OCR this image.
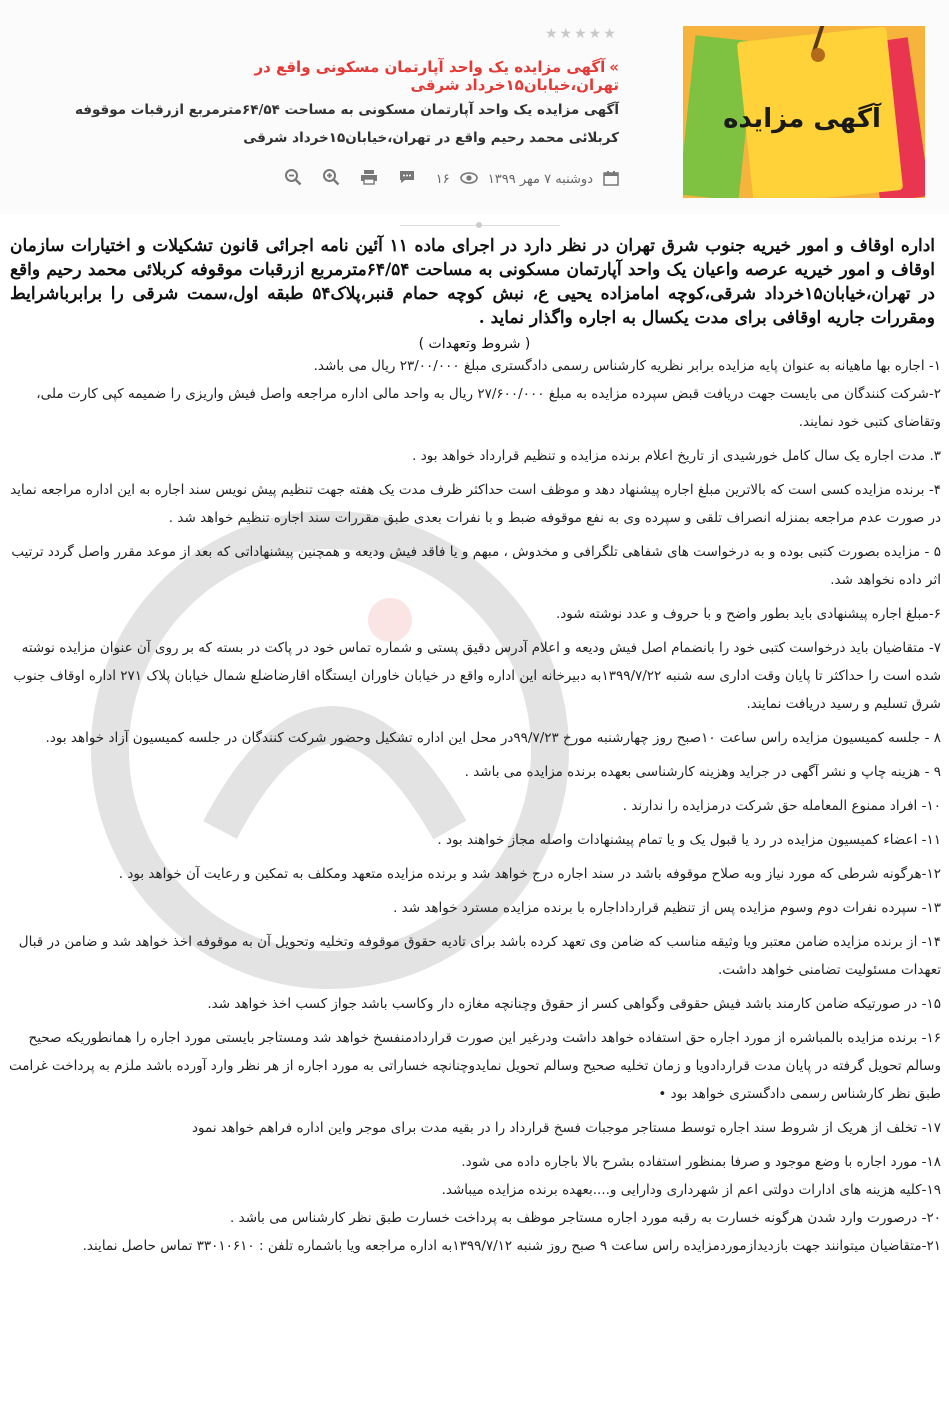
آگهی مزایده
★★★★★
»آگهی مزایده یک واحد آپارتمان مسکونی واقع در تهران،خیابان۱۵خرداد شرقی
آگهی مزایده یک واحد آپارتمان مسکونی به مساحت ۶۴/۵۴مترمربع ازرقبات موقوفه کربلائی محمد رحیم واقع در تهران،خیابان۱۵خرداد شرقی
دوشنبه ۷ مهر ۱۳۹۹
۱۶
اداره اوقاف و امور خیریه جنوب شرق تهران در نظر دارد در اجرای ماده ۱۱ آئین نامه اجرائی قانون تشکیلات و اختیارات سازمان اوقاف و امور خیریه عرصه واعیان یک واحد آپارتمان مسکونی به مساحت ۶۴/۵۴مترمربع ازرقبات موقوفه کربلائی محمد رحیم واقع در تهران،خیابان۱۵خرداد شرقی،کوچه امامزاده یحیی ع، نبش کوچه حمام قنبر،پلاک۵۴ طبقه اول،سمت شرقی را برابرباشرایط ومقررات جاریه اوقافی برای مدت یکسال به اجاره واگذار نماید .
( شروط وتعهدات )
۱- اجاره بها ماهیانه به عنوان پایه مزایده برابر نظریه کارشناس رسمی دادگستری مبلغ ۲۳/۰۰/۰۰۰ ریال می باشد.
۲-شرکت کنندگان می بایست جهت دریافت قبض سپرده مزایده به مبلغ ۲۷/۶۰۰/۰۰۰ ریال به واحد مالی اداره مراجعه واصل فیش واریزی را ضمیمه کپی کارت ملی، وتقاضای کتبی خود نمایند.
۳. مدت اجاره یک سال کامل خورشیدی از تاریخ اعلام برنده مزایده و تنظیم قرارداد خواهد بود .
۴- برنده مزایده کسی است که بالاترین مبلغ اجاره پیشنهاد دهد و موظف است حداکثر ظرف مدت یک هفته جهت تنظیم پیش نویس سند اجاره به این اداره مراجعه نماید در صورت عدم مراجعه بمنزله انصراف تلقی و سپرده وی به نفع موقوفه ضبط و با نفرات بعدی طبق مقررات سند اجاره تنظیم خواهد شد .
۵ - مزایده بصورت کتبی بوده و به درخواست های شفاهی تلگرافی و مخدوش ، مبهم و یا فاقد فیش ودیعه و همچنین پیشنهاداتی که بعد از موعد مقرر واصل گردد ترتیب اثر داده نخواهد شد.
۶-مبلغ اجاره پیشنهادی باید بطور واضح و با حروف و عدد نوشته شود.
۷- متقاضیان باید درخواست کتبی خود را بانضمام اصل فیش ودیعه و اعلام آدرس دقیق پستی و شماره تماس خود در پاکت در بسته که بر روی آن عنوان مزایده نوشته شده است را حداکثر تا پایان وقت اداری سه شنبه ۱۳۹۹/۷/۲۲به دبیرخانه این اداره واقع در خیابان خاوران ایستگاه اقارضاضلع شمال خیابان پلاک ۲۷۱ اداره اوقاف جنوب شرق تسلیم و رسید دریافت نمایند.
۸ - جلسه کمیسیون مزایده راس ساعت ۱۰صبح روز چهارشنبه مورخ ۹۹/۷/۲۳در محل این اداره تشکیل وحضور شرکت کنندگان در جلسه کمیسیون آزاد خواهد بود.
۹ - هزینه چاپ و نشر آگهی در جراید وهزینه کارشناسی بعهده برنده مزایده می باشد .
۱۰- افراد ممنوع المعامله حق شرکت درمزایده را ندارند .
۱۱- اعضاء کمیسیون مزایده در رد یا قبول یک و یا تمام پیشنهادات واصله مجاز خواهند بود .
۱۲-هرگونه شرطی که مورد نیاز وبه صلاح موقوفه باشد در سند اجاره درج خواهد شد و برنده مزایده متعهد ومکلف به تمکین و رعایت آن خواهد بود .
۱۳- سپرده نفرات دوم وسوم مزایده پس از تنظیم قرارداداجاره با برنده مزایده مسترد خواهد شد .
۱۴- از برنده مزایده ضامن معتبر ویا وثیقه مناسب که ضامن وی تعهد کرده باشد برای تادیه حقوق موقوفه وتخلیه وتحویل آن به موقوفه اخذ خواهد شد و ضامن در قبال تعهدات مسئولیت تضامنی خواهد داشت.
۱۵- در صورتیکه ضامن کارمند باشد فیش حقوقی وگواهی کسر از حقوق وچنانچه مغازه دار وکاسب باشد جواز کسب اخذ خواهد شد.
۱۶- برنده مزایده بالمباشره از مورد اجاره حق استفاده خواهد داشت ودرغیر این صورت قراردادمنفسخ خواهد شد ومستاجر بایستی مورد اجاره را همانطوریکه صحیح وسالم تحویل گرفته در پایان مدت قراردادویا و زمان تخلیه صحیح وسالم تحویل نمایدوچنانچه خساراتی به مورد اجاره از هر نظر وارد آورده باشد ملزم به پرداخت غرامت طبق نظر کارشناس رسمی دادگستری خواهد بود •
۱۷- تخلف از هریک از شروط سند اجاره توسط مستاجر موجبات فسخ قرارداد را در بقیه مدت برای موجر واین اداره فراهم خواهد نمود
۱۸- مورد اجاره با وضع موجود و صرفا بمنظور استفاده بشرح بالا باجاره داده می شود.
۱۹-کلیه هزینه های ادارات دولتی اعم از شهرداری ودارایی و....بعهده برنده مزایده میباشد.
۲۰- درصورت وارد شدن هرگونه خسارت به رقبه مورد اجاره مستاجر موظف به پرداخت خسارت طبق نظر کارشناس می باشد .
۲۱-متقاضیان میتوانند جهت بازدیدازموردمزایده راس ساعت ۹ صبح روز شنبه ۱۳۹۹/۷/۱۲به اداره مراجعه ویا باشماره تلفن : ۳۳۰۱۰۶۱۰ تماس حاصل نمایند.
